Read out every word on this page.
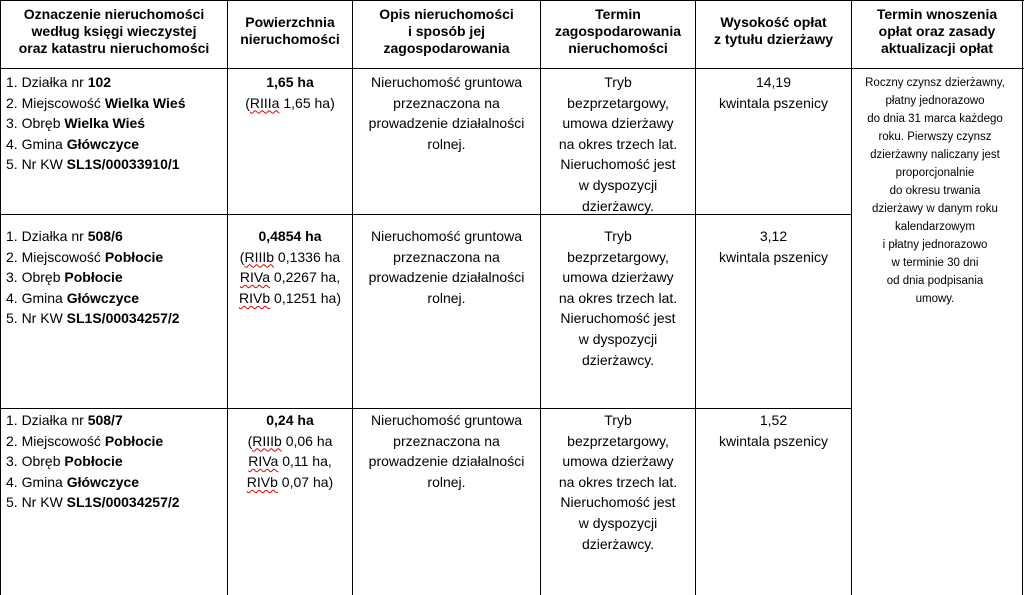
Oznaczenie nieruchomości
według księgi wieczystej
oraz katastru nieruchomości
Powierzchnia
nieruchomości
Opis nieruchomości
i sposób jej
zagospodarowania
Termin
zagospodarowania
nieruchomości
Wysokość opłat
z tytułu dzierżawy
Termin wnoszenia
opłat oraz zasady
aktualizacji opłat
1. Działka nr 102
2. Miejscowość Wielka Wieś
3. Obręb Wielka Wieś
4. Gmina Główczyce
5. Nr KW SL1S/00033910/1
1,65 ha
(RIIIa 1,65 ha)
Nieruchomość gruntowa
przeznaczona na
prowadzenie działalności
rolnej.
Tryb
bezprzetargowy,
umowa dzierżawy
na okres trzech lat.
Nieruchomość jest
w dyspozycji
dzierżawcy.
14,19
kwintala pszenicy
1. Działka nr 508/6
2. Miejscowość Pobłocie
3. Obręb Pobłocie
4. Gmina Główczyce
5. Nr KW SL1S/00034257/2
0,4854 ha
(RIIIb 0,1336 ha
RIVa 0,2267 ha,
RIVb 0,1251 ha)
Nieruchomość gruntowa
przeznaczona na
prowadzenie działalności
rolnej.
Tryb
bezprzetargowy,
umowa dzierżawy
na okres trzech lat.
Nieruchomość jest
w dyspozycji
dzierżawcy.
3,12
kwintala pszenicy
1. Działka nr 508/7
2. Miejscowość Pobłocie
3. Obręb Pobłocie
4. Gmina Główczyce
5. Nr KW SL1S/00034257/2
0,24 ha
(RIIIb 0,06 ha
RIVa 0,11 ha,
RIVb 0,07 ha)
Nieruchomość gruntowa
przeznaczona na
prowadzenie działalności
rolnej.
Tryb
bezprzetargowy,
umowa dzierżawy
na okres trzech lat.
Nieruchomość jest
w dyspozycji
dzierżawcy.
1,52
kwintala pszenicy
Roczny czynsz dzierżawny,
płatny jednorazowo
do dnia 31 marca każdego
roku. Pierwszy czynsz
dzierżawny naliczany jest
proporcjonalnie
do okresu trwania
dzierżawy w danym roku
kalendarzowym
i płatny jednorazowo
w terminie 30 dni
od dnia podpisania
umowy.
